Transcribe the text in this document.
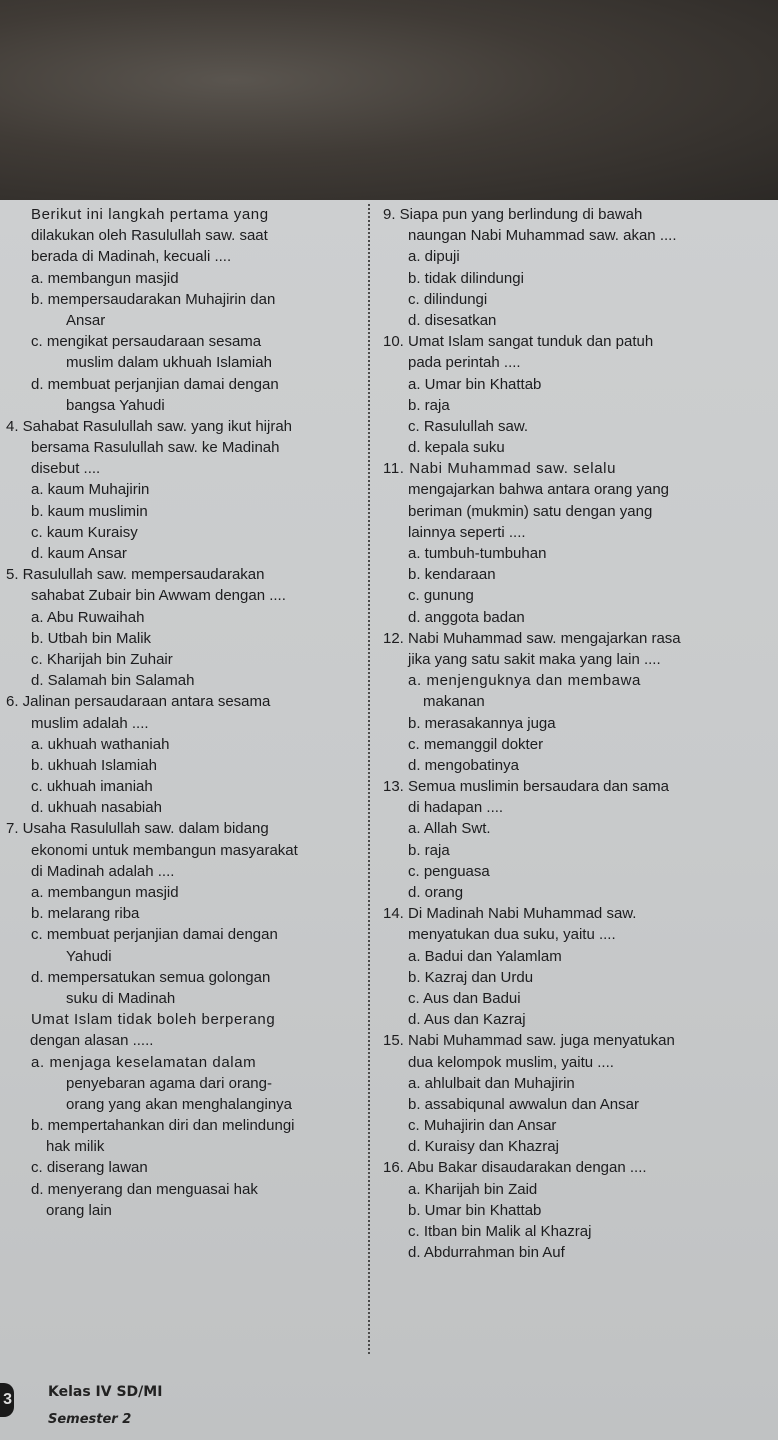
Berikut ini langkah pertama yang
dilakukan oleh Rasulullah saw. saat
berada di Madinah, kecuali ....
a. membangun masjid
b. mempersaudarakan Muhajirin dan
Ansar
c. mengikat persaudaraan sesama
muslim dalam ukhuah Islamiah
d. membuat perjanjian damai dengan
bangsa Yahudi
4. Sahabat Rasulullah saw. yang ikut hijrah
bersama Rasulullah saw. ke Madinah
disebut ....
a. kaum Muhajirin
b. kaum muslimin
c. kaum Kuraisy
d. kaum Ansar
5. Rasulullah saw. mempersaudarakan
sahabat Zubair bin Awwam dengan ....
a. Abu Ruwaihah
b. Utbah bin Malik
c. Kharijah bin Zuhair
d. Salamah bin Salamah
6. Jalinan persaudaraan antara sesama
muslim adalah ....
a. ukhuah wathaniah
b. ukhuah Islamiah
c. ukhuah imaniah
d. ukhuah nasabiah
7. Usaha Rasulullah saw. dalam bidang
ekonomi untuk membangun masyarakat
di Madinah adalah ....
a. membangun masjid
b. melarang riba
c. membuat perjanjian damai dengan
Yahudi
d. mempersatukan semua golongan
suku di Madinah
Umat Islam tidak boleh berperang
dengan alasan .....
a. menjaga keselamatan dalam
penyebaran agama dari orang-
orang yang akan menghalanginya
b. mempertahankan diri dan melindungi
hak milik
c. diserang lawan
d. menyerang dan menguasai hak
orang lain
9. Siapa pun yang berlindung di bawah
naungan Nabi Muhammad saw. akan ....
a. dipuji
b. tidak dilindungi
c. dilindungi
d. disesatkan
10. Umat Islam sangat tunduk dan patuh
pada perintah ....
a. Umar bin Khattab
b. raja
c. Rasulullah saw.
d. kepala suku
11. Nabi Muhammad saw. selalu
mengajarkan bahwa antara orang yang
beriman (mukmin) satu dengan yang
lainnya seperti ....
a. tumbuh-tumbuhan
b. kendaraan
c. gunung
d. anggota badan
12. Nabi Muhammad saw. mengajarkan rasa
jika yang satu sakit maka yang lain ....
a. menjenguknya dan membawa
makanan
b. merasakannya juga
c. memanggil dokter
d. mengobatinya
13. Semua muslimin bersaudara dan sama
di hadapan ....
a. Allah Swt.
b. raja
c. penguasa
d. orang
14. Di Madinah Nabi Muhammad saw.
menyatukan dua suku, yaitu ....
a. Badui dan Yalamlam
b. Kazraj dan Urdu
c. Aus dan Badui
d. Aus dan Kazraj
15. Nabi Muhammad saw. juga menyatukan
dua kelompok muslim, yaitu ....
a. ahlulbait dan Muhajirin
b. assabiqunal awwalun dan Ansar
c. Muhajirin dan Ansar
d. Kuraisy dan Khazraj
16. Abu Bakar disaudarakan dengan ....
a. Kharijah bin Zaid
b. Umar bin Khattab
c. Itban bin Malik al Khazraj
d. Abdurrahman bin Auf
3	Kelas IV SD/MI
Semester 2
